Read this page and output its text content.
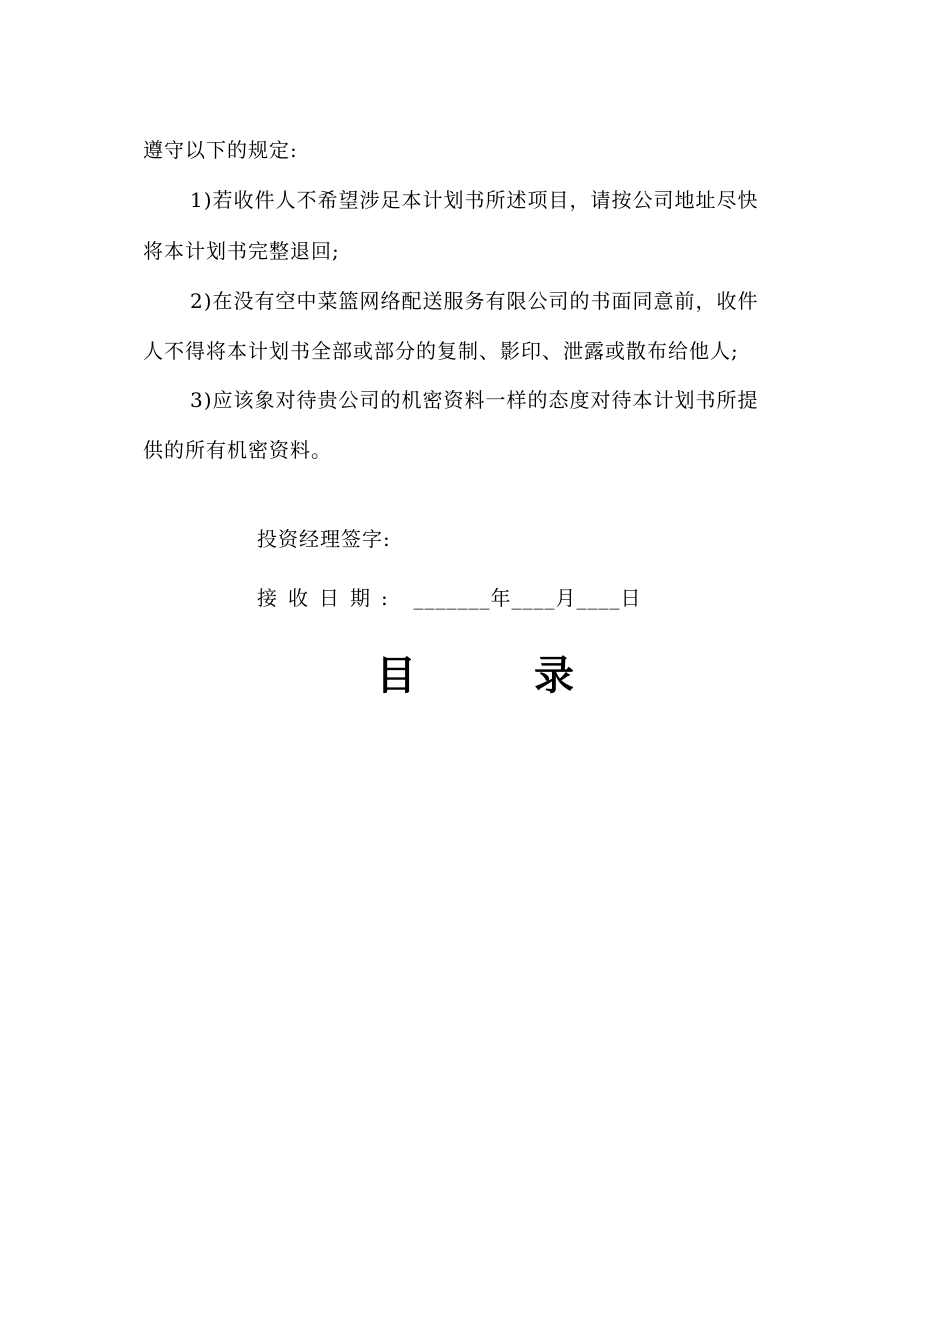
遵守以下的规定:
1)若收件人不希望涉足本计划书所述项目，请按公司地址尽快
将本计划书完整退回;
2)在没有空中菜篮网络配送服务有限公司的书面同意前，收件
人不得将本计划书全部或部分的复制、影印、泄露或散布给他人;
3)应该象对待贵公司的机密资料一样的态度对待本计划书所提
供的所有机密资料。
投资经理签字:
接收日期:  _______年____月____日
目	录
